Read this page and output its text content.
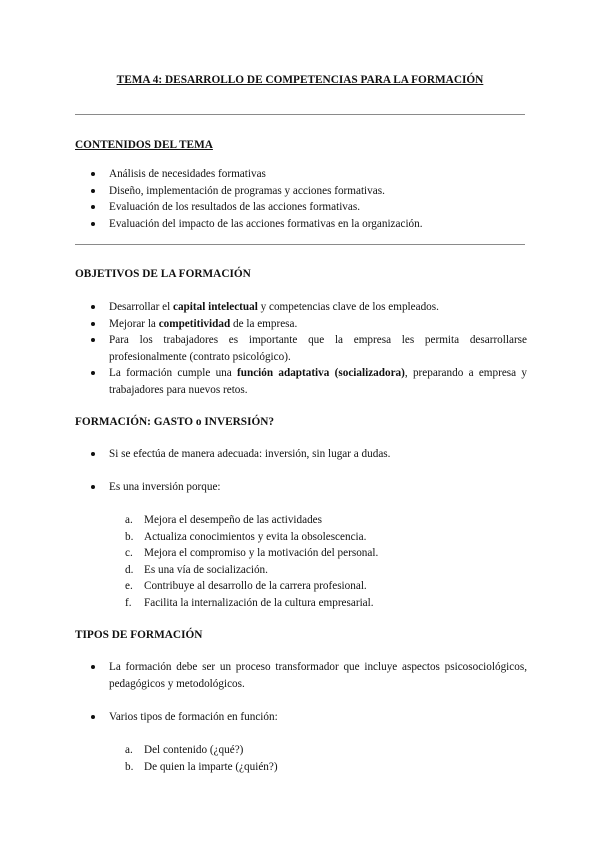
TEMA 4: DESARROLLO DE COMPETENCIAS PARA LA FORMACIÓN
CONTENIDOS DEL TEMA
Análisis de necesidades formativas
Diseño, implementación de programas y acciones formativas.
Evaluación de los resultados de las acciones formativas.
Evaluación del impacto de las acciones formativas en la organización.
OBJETIVOS DE LA FORMACIÓN
Desarrollar el capital intelectual y competencias clave de los empleados.
Mejorar la competitividad de la empresa.
Para los trabajadores es importante que la empresa les permita desarrollarse profesionalmente (contrato psicológico).
La formación cumple una función adaptativa (socializadora), preparando a empresa y trabajadores para nuevos retos.
FORMACIÓN: GASTO o INVERSIÓN?
Si se efectúa de manera adecuada: inversión, sin lugar a dudas.
Es una inversión porque:
a. Mejora el desempeño de las actividades
b. Actualiza conocimientos y evita la obsolescencia.
c. Mejora el compromiso y la motivación del personal.
d. Es una vía de socialización.
e. Contribuye al desarrollo de la carrera profesional.
f. Facilita la internalización de la cultura empresarial.
TIPOS DE FORMACIÓN
La formación debe ser un proceso transformador que incluye aspectos psicosociológicos, pedagógicos y metodológicos.
Varios tipos de formación en función:
a. Del contenido (¿qué?)
b. De quien la imparte (¿quién?)
